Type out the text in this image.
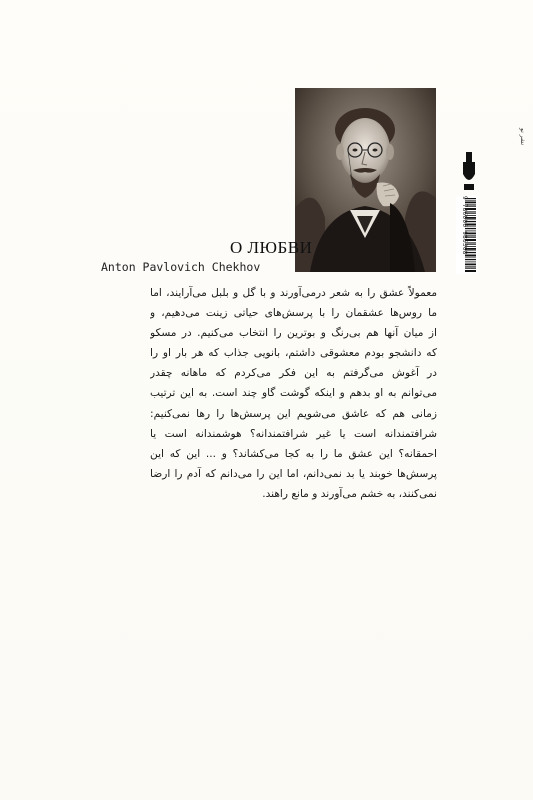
О ЛЮБВИ
Anton Pavlovich Chekhov
معمولاً عشق را به شعر درمی‌آورند و با گل و بلبل می‌آرایند، اما
ما روس‌ها عشقمان را با پرسش‌های حیاتی زینت می‌دهیم، و
از میان آنها هم بی‌رنگ و بوترین را انتخاب می‌کنیم. در مسکو
که دانشجو بودم معشوقی داشتم، بانویی جذاب که هر بار او را
در آغوش می‌گرفتم به این فکر می‌کردم که ماهانه چقدر
می‌توانم به او بدهم و اینکه گوشت گاو چند است. به این ترتیب
زمانی هم که عاشق می‌شویم این پرسش‌ها را رها نمی‌کنیم:
شرافتمندانه است یا غیر شرافتمندانه؟ هوشمندانه است یا
احمقانه؟ این عشق ما را به کجا می‌کشاند؟ و ... این که این
پرسش‌ها خوبند یا بد نمی‌دانم، اما این را می‌دانم که آدم را ارضا
نمی‌کنند، به خشم می‌آورند و مانع راهند.
نشر نو
9 786006 986308
